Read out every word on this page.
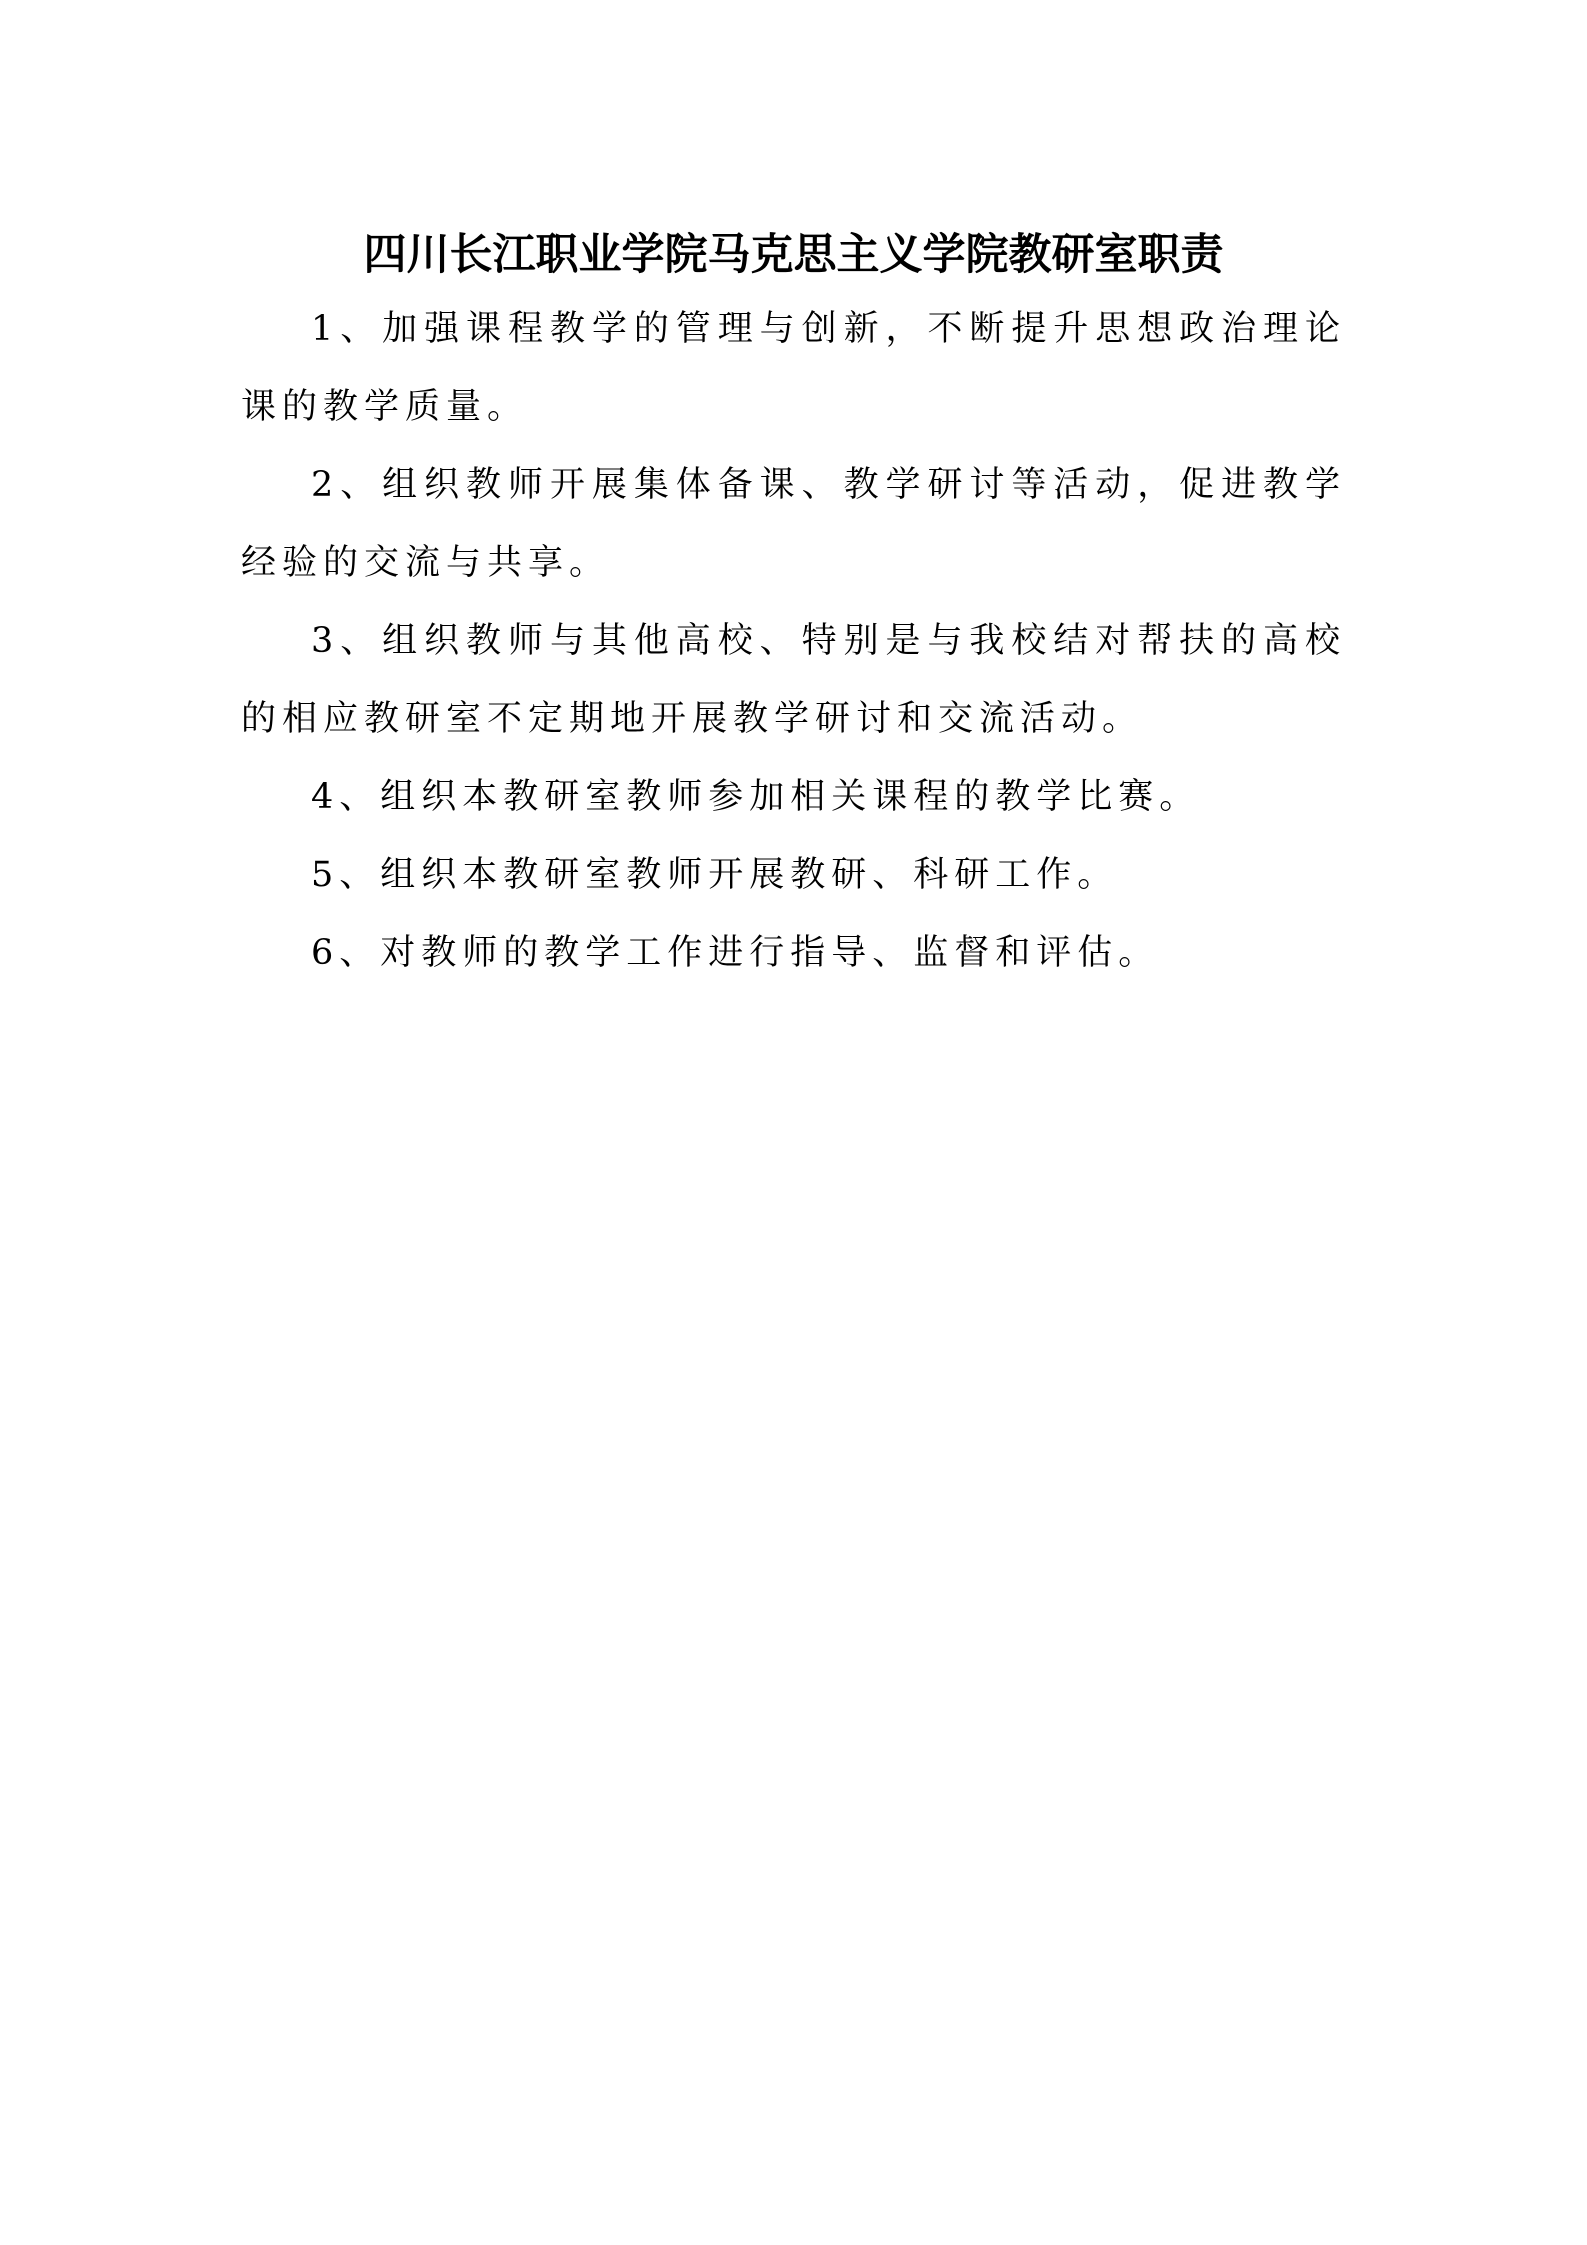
四川长江职业学院马克思主义学院教研室职责

1、加强课程教学的管理与创新，不断提升思想政治理论课的教学质量。

2、组织教师开展集体备课、教学研讨等活动，促进教学经验的交流与共享。

3、组织教师与其他高校、特别是与我校结对帮扶的高校的相应教研室不定期地开展教学研讨和交流活动。

4、组织本教研室教师参加相关课程的教学比赛。

5、组织本教研室教师开展教研、科研工作。

6、对教师的教学工作进行指导、监督和评估。
